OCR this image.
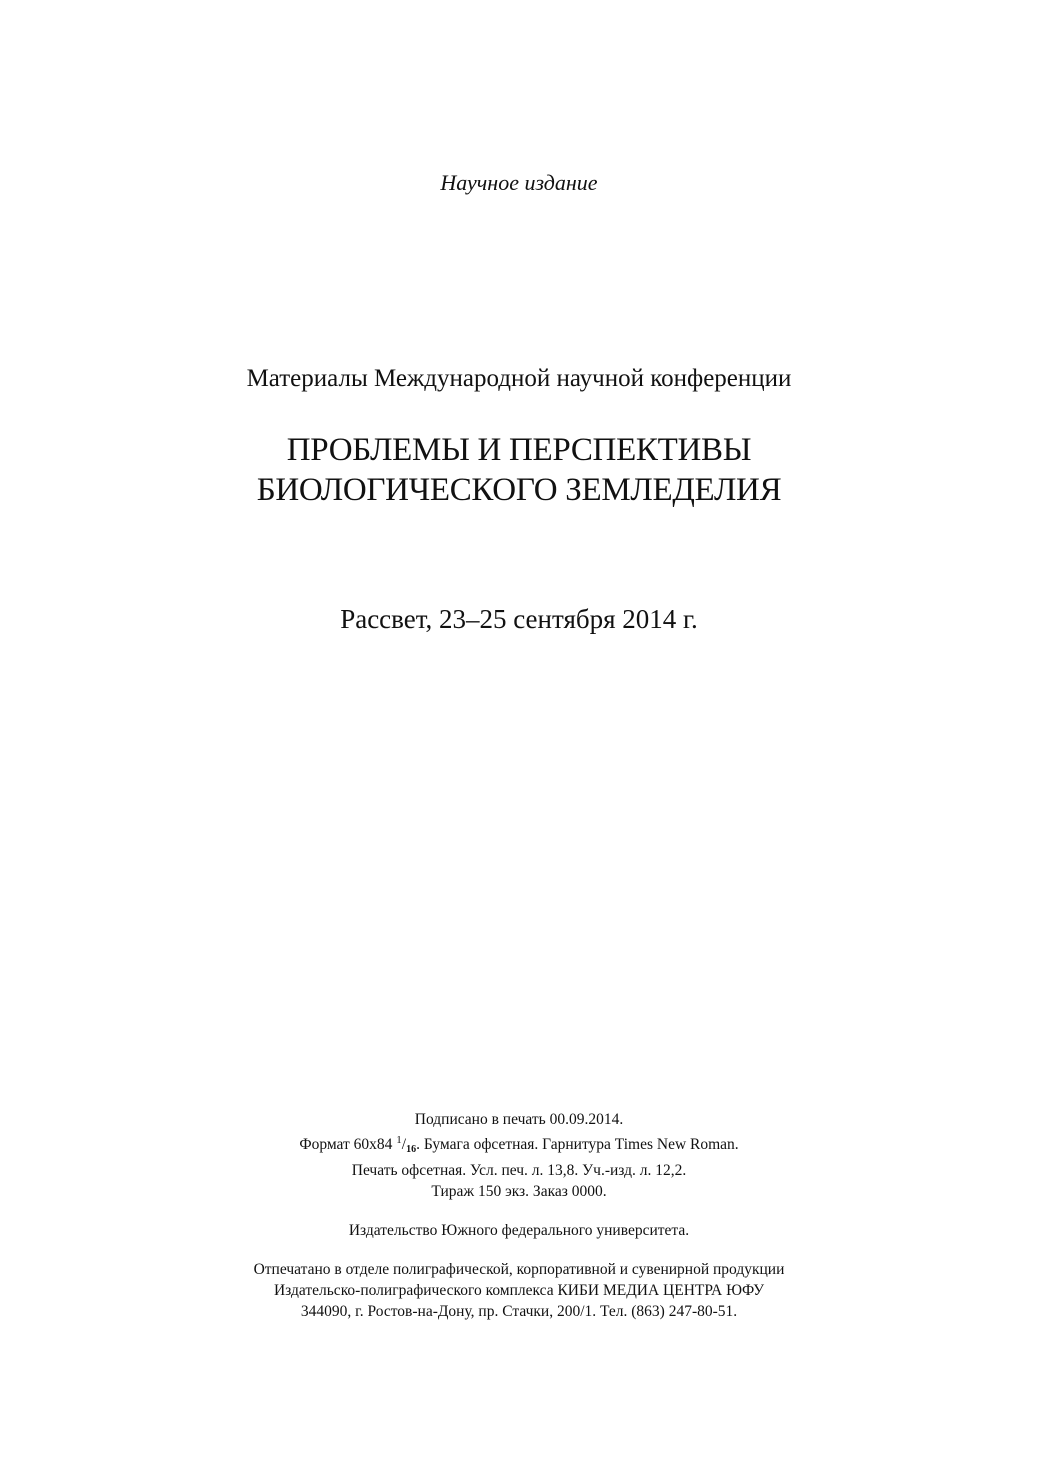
Научное издание
Материалы Международной научной конференции
ПРОБЛЕМЫ И ПЕРСПЕКТИВЫ
БИОЛОГИЧЕСКОГО ЗЕМЛЕДЕЛИЯ
Рассвет, 23–25 сентября 2014 г.
Подписано в печать 00.09.2014.
Формат 60x84 $^1/_{16}$. Бумага офсетная. Гарнитура Times New Roman.
Печать офсетная. Усл. печ. л. 13,8. Уч.-изд. л. 12,2.
Тираж 150 экз. Заказ 0000.
Издательство Южного федерального университета.
Отпечатано в отделе полиграфической, корпоративной и сувенирной продукции
Издательско-полиграфического комплекса КИБИ МЕДИА ЦЕНТРА ЮФУ
344090, г. Ростов-на-Дону, пр. Стачки, 200/1. Тел. (863) 247-80-51.
